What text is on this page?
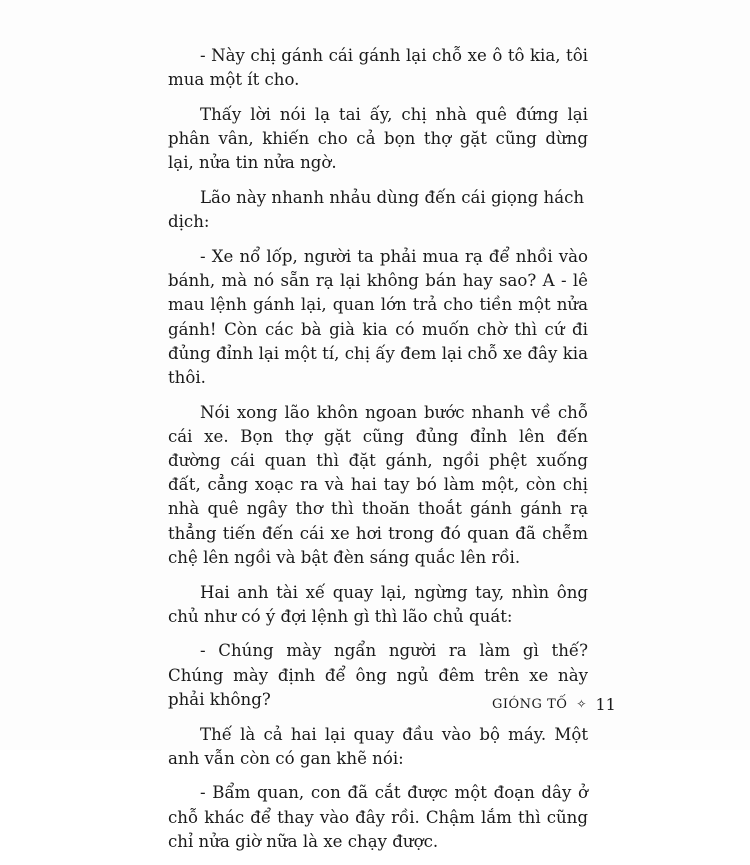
- Này chị gánh cái gánh lại chỗ xe ô tô kia, tôi mua một ít cho.

Thấy lời nói lạ tai ấy, chị nhà quê đứng lại phân vân, khiến cho cả bọn thợ gặt cũng dừng lại, nửa tin nửa ngờ.

Lão này nhanh nhảu dùng đến cái giọng hách dịch:

- Xe nổ lốp, người ta phải mua rạ để nhồi vào bánh, mà nó sẵn rạ lại không bán hay sao? A - lê mau lệnh gánh lại, quan lớn trả cho tiền một nửa gánh! Còn các bà già kia có muốn chờ thì cứ đi đủng đỉnh lại một tí, chị ấy đem lại chỗ xe đây kia thôi.

Nói xong lão khôn ngoan bước nhanh về chỗ cái xe. Bọn thợ gặt cũng đủng đỉnh lên đến đường cái quan thì đặt gánh, ngồi phệt xuống đất, cẳng xoạc ra và hai tay bó làm một, còn chị nhà quê ngây thơ thì thoăn thoắt gánh gánh rạ thẳng tiến đến cái xe hơi trong đó quan đã chễm chệ lên ngồi và bật đèn sáng quắc lên rồi.

Hai anh tài xế quay lại, ngừng tay, nhìn ông chủ như có ý đợi lệnh gì thì lão chủ quát:

- Chúng mày ngẩn người ra làm gì thế? Chúng mày định để ông ngủ đêm trên xe này phải không?

Thế là cả hai lại quay đầu vào bộ máy. Một anh vẫn còn có gan khẽ nói:

- Bẩm quan, con đã cắt được một đoạn dây ở chỗ khác để thay vào đây rồi. Chậm lắm thì cũng chỉ nửa giờ nữa là xe chạy được.

GIÓNG TỐ ✧ 11
